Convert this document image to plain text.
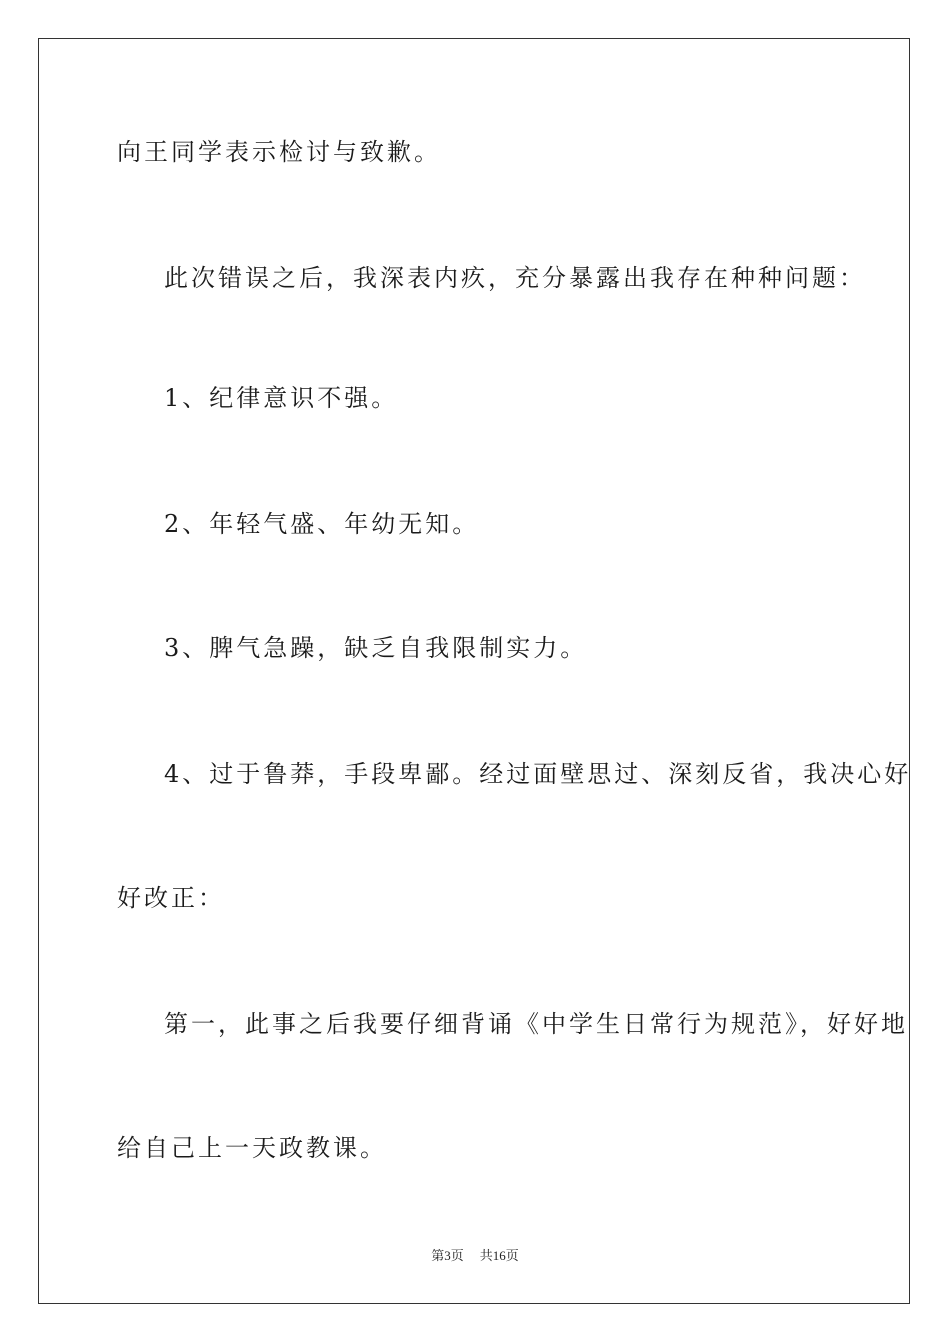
向王同学表示检讨与致歉。
此次错误之后，我深表内疚，充分暴露出我存在种种问题：
1、纪律意识不强。
2、年轻气盛、年幼无知。
3、脾气急躁，缺乏自我限制实力。
4、过于鲁莽，手段卑鄙。经过面壁思过、深刻反省，我决心好
好改正：
第一，此事之后我要仔细背诵《中学生日常行为规范》，好好地
给自己上一天政教课。
第3页 共16页
